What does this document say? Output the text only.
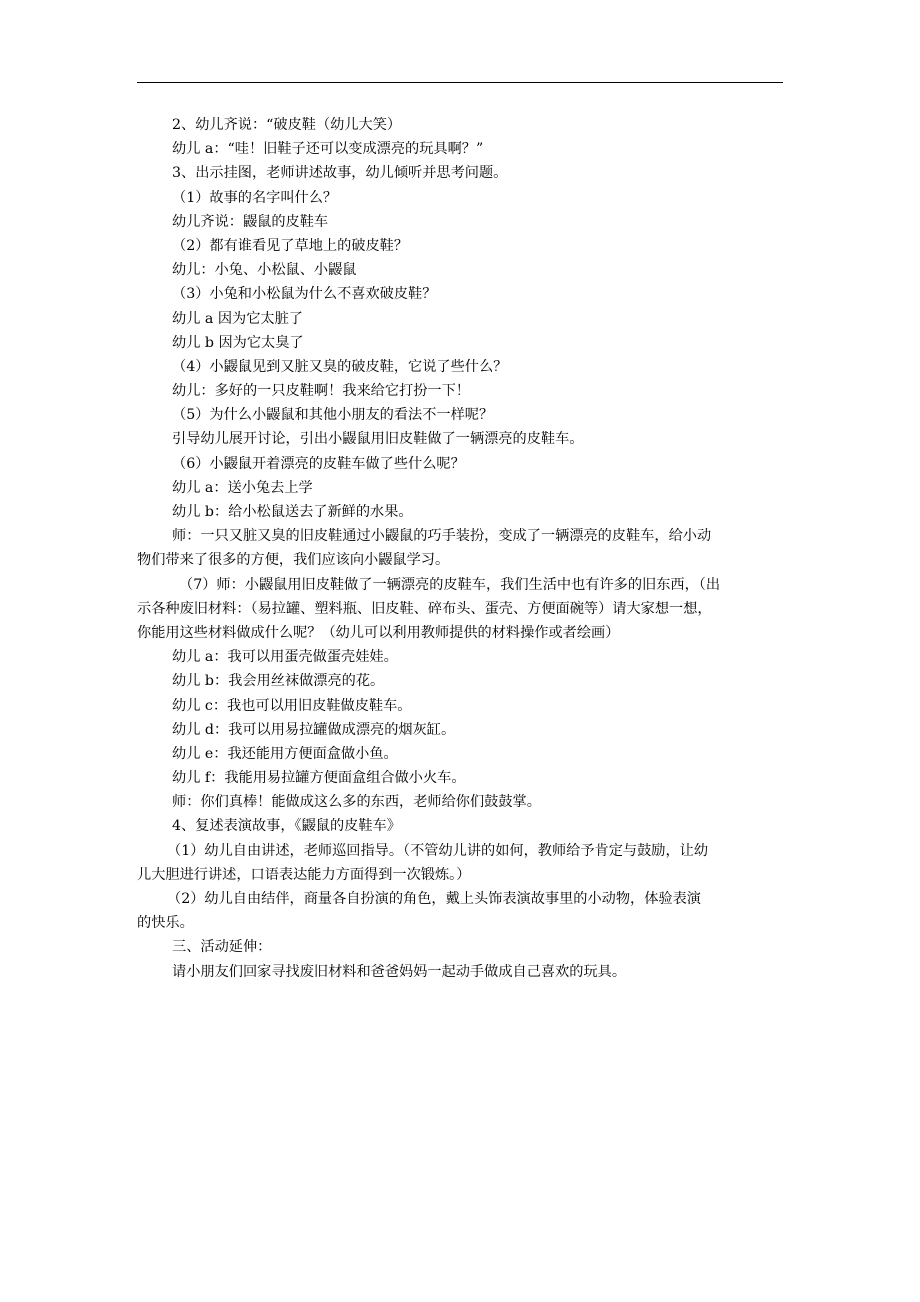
2、幼儿齐说：“破皮鞋（幼儿大笑）

幼儿 a：“哇！旧鞋子还可以变成漂亮的玩具啊？”

3、出示挂图，老师讲述故事，幼儿倾听并思考问题。

（1）故事的名字叫什么？

幼儿齐说：鼹鼠的皮鞋车

（2）都有谁看见了草地上的破皮鞋？

幼儿：小兔、小松鼠、小鼹鼠

（3）小兔和小松鼠为什么不喜欢破皮鞋？

幼儿 a 因为它太脏了

幼儿 b 因为它太臭了

（4）小鼹鼠见到又脏又臭的破皮鞋，它说了些什么？

幼儿：多好的一只皮鞋啊！我来给它打扮一下！

（5）为什么小鼹鼠和其他小朋友的看法不一样呢？

引导幼儿展开讨论，引出小鼹鼠用旧皮鞋做了一辆漂亮的皮鞋车。

（6）小鼹鼠开着漂亮的皮鞋车做了些什么呢？

幼儿 a：送小兔去上学

幼儿 b：给小松鼠送去了新鲜的水果。

师：一只又脏又臭的旧皮鞋通过小鼹鼠的巧手装扮，变成了一辆漂亮的皮鞋车，给小动

物们带来了很多的方便，我们应该向小鼹鼠学习。

（7）师：小鼹鼠用旧皮鞋做了一辆漂亮的皮鞋车，我们生活中也有许多的旧东西，（出

示各种废旧材料：（易拉罐、塑料瓶、旧皮鞋、碎布头、蛋壳、方便面碗等）请大家想一想，

你能用这些材料做成什么呢？（幼儿可以利用教师提供的材料操作或者绘画）

幼儿 a：我可以用蛋壳做蛋壳娃娃。

幼儿 b：我会用丝袜做漂亮的花。

幼儿 c：我也可以用旧皮鞋做皮鞋车。

幼儿 d：我可以用易拉罐做成漂亮的烟灰缸。

幼儿 e：我还能用方便面盒做小鱼。

幼儿 f：我能用易拉罐方便面盒组合做小火车。

师：你们真棒！能做成这么多的东西，老师给你们鼓鼓掌。

4、复述表演故事，《鼹鼠的皮鞋车》

（1）幼儿自由讲述，老师巡回指导。（不管幼儿讲的如何，教师给予肯定与鼓励，让幼

儿大胆进行讲述，口语表达能力方面得到一次锻炼。）

（2）幼儿自由结伴，商量各自扮演的角色，戴上头饰表演故事里的小动物，体验表演

的快乐。

三、活动延伸：

请小朋友们回家寻找废旧材料和爸爸妈妈一起动手做成自己喜欢的玩具。
